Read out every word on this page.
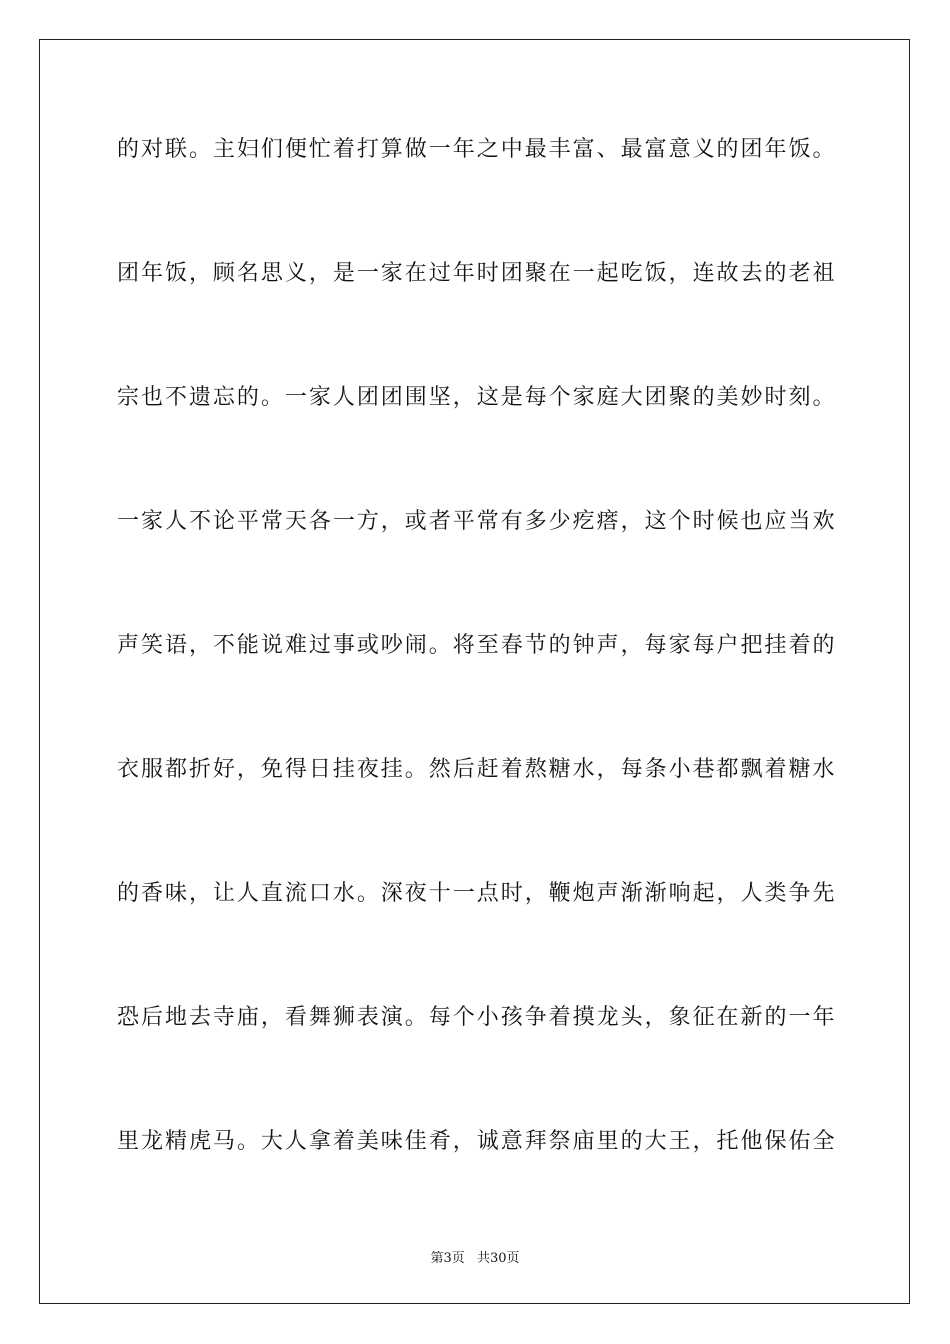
的对联。主妇们便忙着打算做一年之中最丰富、最富意义的团年饭。
团年饭，顾名思义，是一家在过年时团聚在一起吃饭，连故去的老祖
宗也不遗忘的。一家人团团围坚，这是每个家庭大团聚的美妙时刻。
一家人不论平常天各一方，或者平常有多少疙瘩，这个时候也应当欢
声笑语，不能说难过事或吵闹。将至春节的钟声，每家每户把挂着的
衣服都折好，免得日挂夜挂。然后赶着熬糖水，每条小巷都飘着糖水
的香味，让人直流口水。深夜十一点时，鞭炮声渐渐响起，人类争先
恐后地去寺庙，看舞狮表演。每个小孩争着摸龙头，象征在新的一年
里龙精虎马。大人拿着美味佳肴，诚意拜祭庙里的大王，托他保佑全
第3页 共30页
